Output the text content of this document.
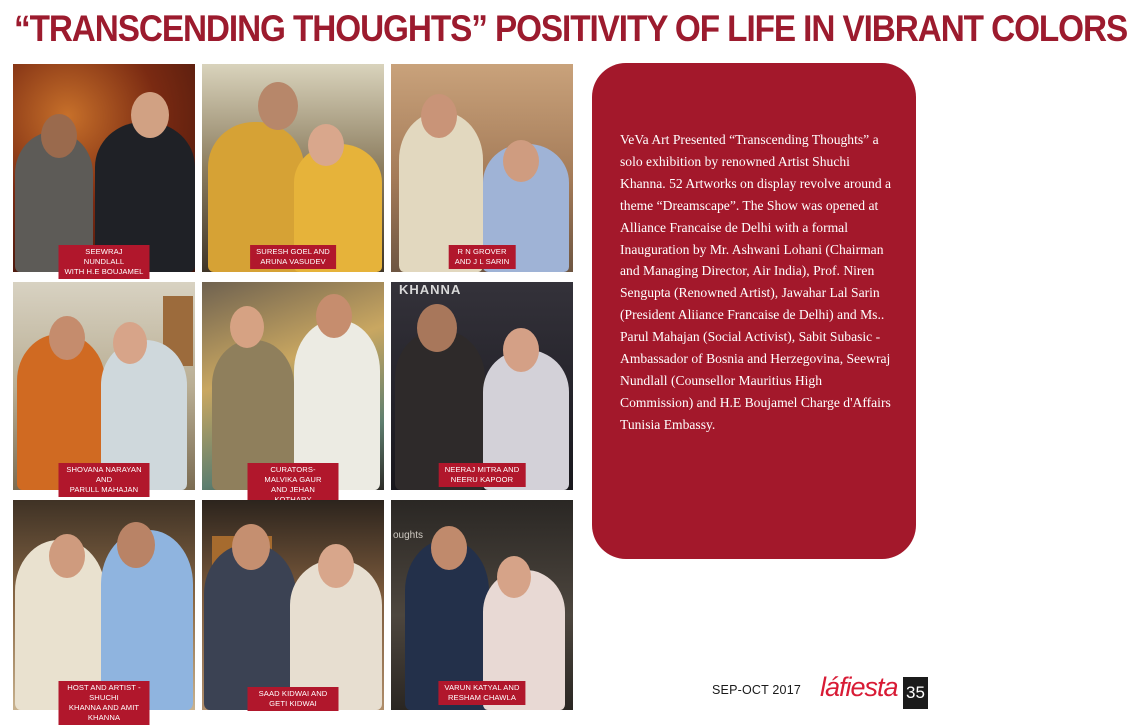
“TRANSCENDING THOUGHTS” POSITIVITY OF LIFE IN VIBRANT COLORS
SEEWRAJ NUNDLALL
WITH H.E BOUJAMEL
SURESH GOEL AND
ARUNA VASUDEV
R N GROVER
AND J L SARIN
SHOVANA NARAYAN AND
PARULL MAHAJAN
CURATORS- MALVIKA GAUR
AND JEHAN
KHANNA
NEERAJ MITRA AND
NEERU KAPOOR
HOST AND ARTIST - SHUCHI
KHANNA AND AMIT KHANNA
SAAD KIDWAI AND GETI KIDWAI
oughts
VARUN KATYAL AND
RESHAM CHAWLA

VeVa Art Presented “Transcending Thoughts” a solo exhibition by renowned Artist Shuchi Khanna. 52 Artworks on display revolve around a theme “Dreamscape”. The Show was opened at Alliance Francaise de Delhi with a formal Inauguration by Mr. Ashwani Lohani (Chairman and Managing Director, Air India), Prof. Niren Sengupta (Renowned Artist), Jawahar Lal Sarin (President Aliiance Francaise de Delhi) and Ms.. Parul Mahajan (Social Activist), Sabit Subasic - Ambassador of Bosnia and Herzegovina, Seewraj Nundlall (Counsellor Mauritius High Commission) and H.E Boujamel Charge d'Affairs Tunisia Embassy.

SEP-OCT 2017 láfiesta 35
